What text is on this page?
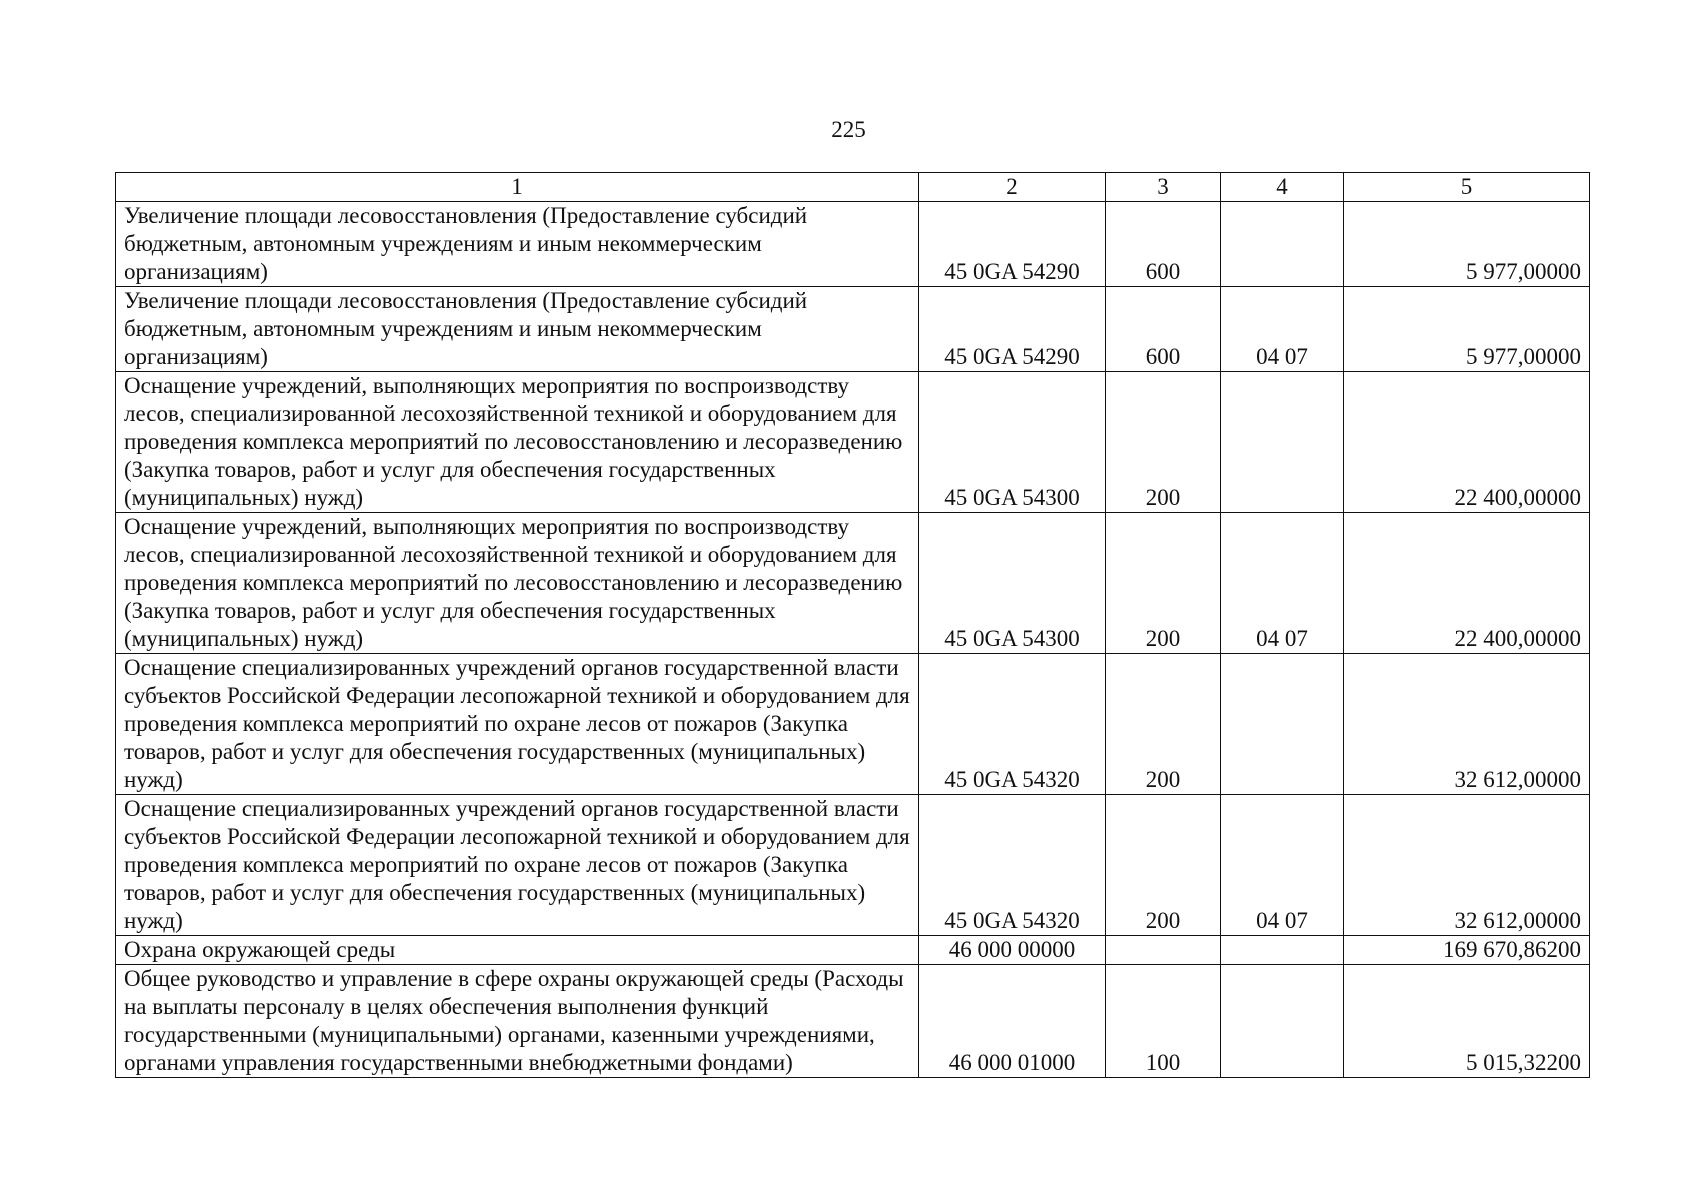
225
1	2	3	4	5
Увеличение площади лесовосстановления (Предоставление субсидий бюджетным, автономным учреждениям и иным некоммерческим организациям)	45 0GA 54290	600		5 977,00000
Увеличение площади лесовосстановления (Предоставление субсидий бюджетным, автономным учреждениям и иным некоммерческим организациям)	45 0GA 54290	600	04 07	5 977,00000
Оснащение учреждений, выполняющих мероприятия по воспроизводству лесов, специализированной лесохозяйственной техникой и оборудованием для проведения комплекса мероприятий по лесовосстановлению и лесоразведению (Закупка товаров, работ и услуг для обеспечения государственных (муниципальных) нужд)	45 0GA 54300	200		22 400,00000
Оснащение учреждений, выполняющих мероприятия по воспроизводству лесов, специализированной лесохозяйственной техникой и оборудованием для проведения комплекса мероприятий по лесовосстановлению и лесоразведению (Закупка товаров, работ и услуг для обеспечения государственных (муниципальных) нужд)	45 0GA 54300	200	04 07	22 400,00000
Оснащение специализированных учреждений органов государственной власти субъектов Российской Федерации лесопожарной техникой и оборудованием для проведения комплекса мероприятий по охране лесов от пожаров (Закупка товаров, работ и услуг для обеспечения государственных (муниципальных) нужд)	45 0GA 54320	200		32 612,00000
Оснащение специализированных учреждений органов государственной власти субъектов Российской Федерации лесопожарной техникой и оборудованием для проведения комплекса мероприятий по охране лесов от пожаров (Закупка товаров, работ и услуг для обеспечения государственных (муниципальных) нужд)	45 0GA 54320	200	04 07	32 612,00000
Охрана окружающей среды	46 000 00000			169 670,86200
Общее руководство и управление в сфере охраны окружающей среды (Расходы на выплаты персоналу в целях обеспечения выполнения функций государственными (муниципальными) органами, казенными учреждениями, органами управления государственными внебюджетными фондами)	46 000 01000	100		5 015,32200
